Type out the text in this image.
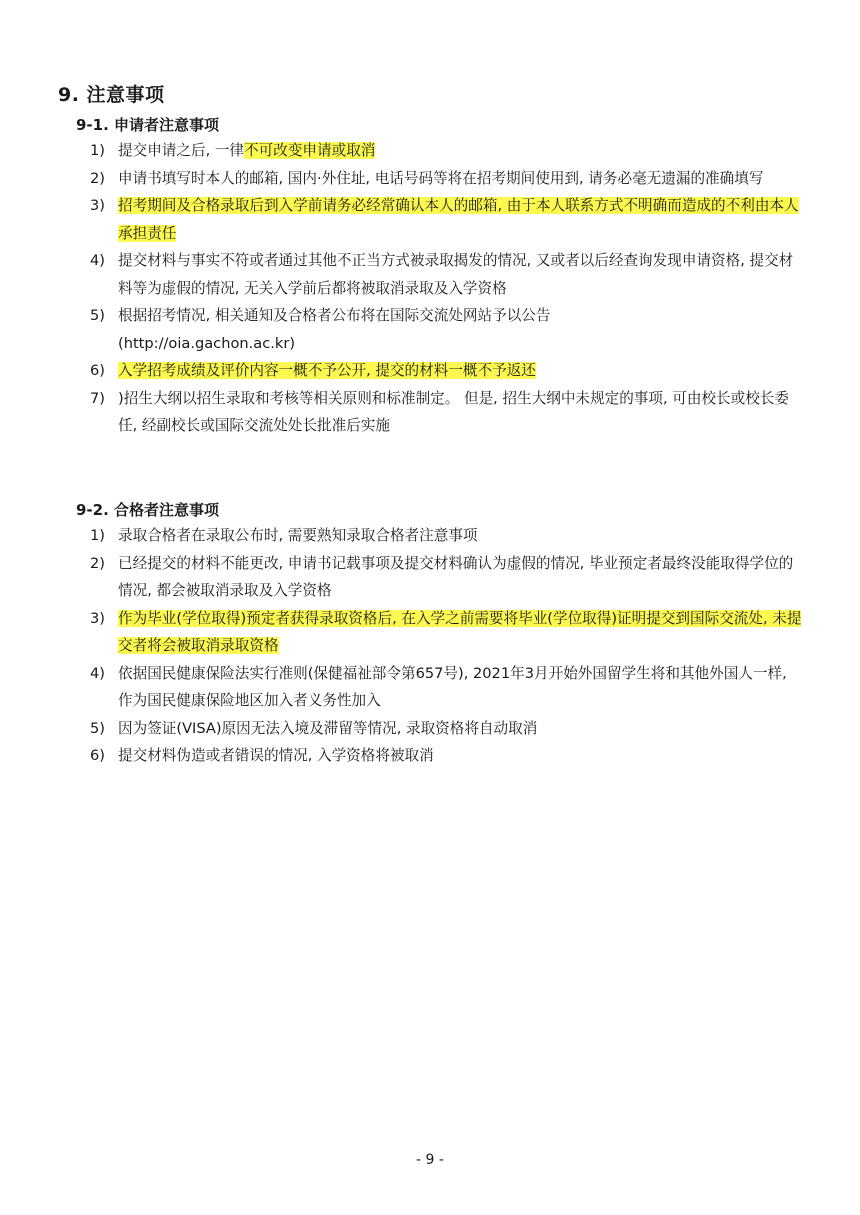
9. 注意事项
9-1. 申请者注意事项
1) 提交申请之后, 一律不可改变申请或取消
2) 申请书填写时本人的邮箱, 国内·外住址, 电话号码等将在招考期间使用到, 请务必毫无遗漏的准确填写
3) 招考期间及合格录取后到入学前请务必经常确认本人的邮箱, 由于本人联系方式不明确而造成的不利由本人承担责任
4) 提交材料与事实不符或者通过其他不正当方式被录取揭发的情况, 又或者以后经查询发现申请资格, 提交材料等为虚假的情况, 无关入学前后都将被取消录取及入学资格
5) 根据招考情况, 相关通知及合格者公布将在国际交流处网站予以公告
(http://oia.gachon.ac.kr)
6) 入学招考成绩及评价内容一概不予公开, 提交的材料一概不予返还
7) )招生大纲以招生录取和考核等相关原则和标准制定。 但是, 招生大纲中未规定的事项, 可由校长或校长委任, 经副校长或国际交流处处长批准后实施
9-2. 合格者注意事项
1) 录取合格者在录取公布时, 需要熟知录取合格者注意事项
2) 已经提交的材料不能更改, 申请书记载事项及提交材料确认为虚假的情况, 毕业预定者最终没能取得学位的情况, 都会被取消录取及入学资格
3) 作为毕业(学位取得)预定者获得录取资格后, 在入学之前需要将毕业(学位取得)证明提交到国际交流处, 未提交者将会被取消录取资格
4) 依据国民健康保险法实行准则(保健福祉部令第657号), 2021年3月开始外国留学生将和其他外国人一样, 作为国民健康保险地区加入者义务性加入
5) 因为签证(VISA)原因无法入境及滞留等情况, 录取资格将自动取消
6) 提交材料伪造或者错误的情况, 入学资格将被取消
- 9 -
